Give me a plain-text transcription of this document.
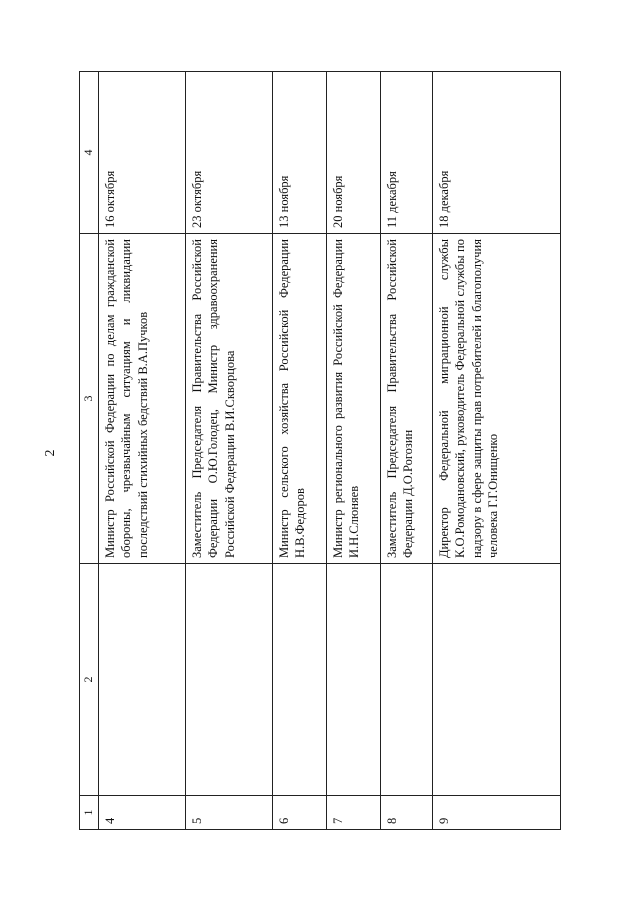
2
1	2	3	4
4		Министр Российской Федерации по делам гражданской обороны, чрезвычайным ситуациям и ликвидации последствий стихийных бедствий В.А.Пучков	16 октября
5		Заместитель Председателя Правительства Российской Федерации О.Ю.Голодец, Министр здравоохранения Российской Федерации В.И.Скворцова	23 октября
6		Министр сельского хозяйства Российской Федерации Н.В.Федоров	13 ноября
7		Министр регионального развития Российской Федерации И.Н.Слюняев	20 ноября
8		Заместитель Председателя Правительства Российской Федерации Д.О.Рогозин	11 декабря
9		Директор Федеральной миграционной службы К.О.Ромодановский, руководитель Федеральной службы по надзору в сфере защиты прав потребителей и благополучия человека Г.Г.Онищенко	18 декабря
